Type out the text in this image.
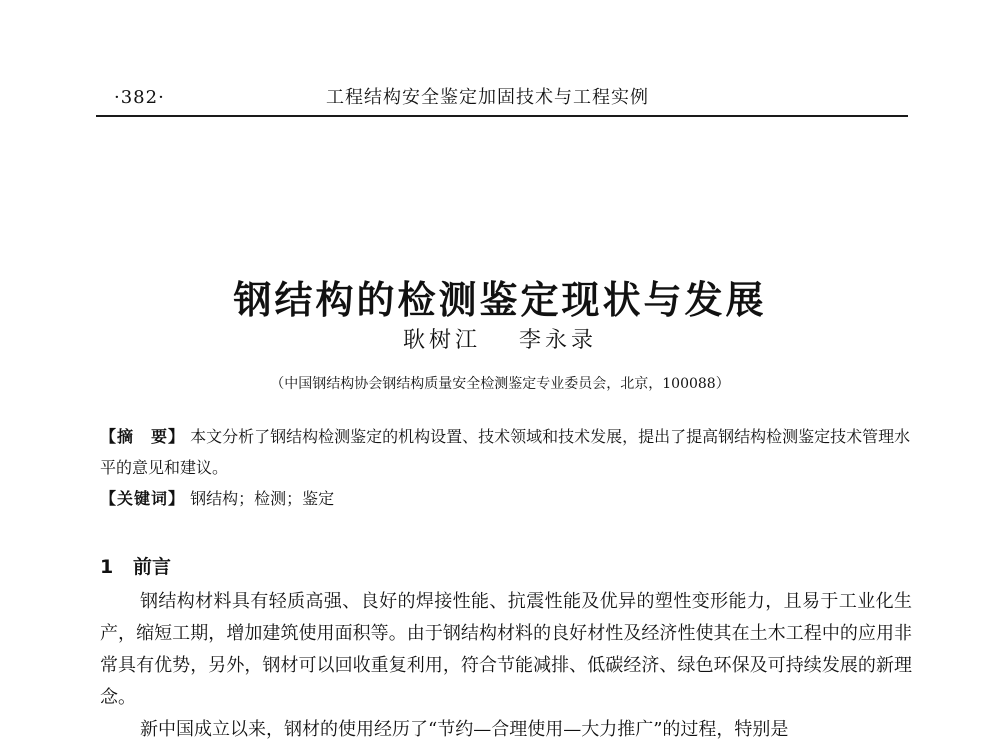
·382·	工程结构安全鉴定加固技术与工程实例
钢结构的检测鉴定现状与发展
耿树江 李永录
（中国钢结构协会钢结构质量安全检测鉴定专业委员会，北京，100088）
【摘　要】 本文分析了钢结构检测鉴定的机构设置、技术领域和技术发展，提出了提高钢结构检测鉴定技术管理水平的意见和建议。
【关键词】 钢结构；检测；鉴定
1 前言

钢结构材料具有轻质高强、良好的焊接性能、抗震性能及优异的塑性变形能力，且易于工业化生产，缩短工期，增加建筑使用面积等。由于钢结构材料的良好材性及经济性使其在土木工程中的应用非常具有优势，另外，钢材可以回收重复利用，符合节能减排、低碳经济、绿色环保及可持续发展的新理念。

新中国成立以来，钢材的使用经历了“节约—合理使用—大力推广”的过程，特别是
